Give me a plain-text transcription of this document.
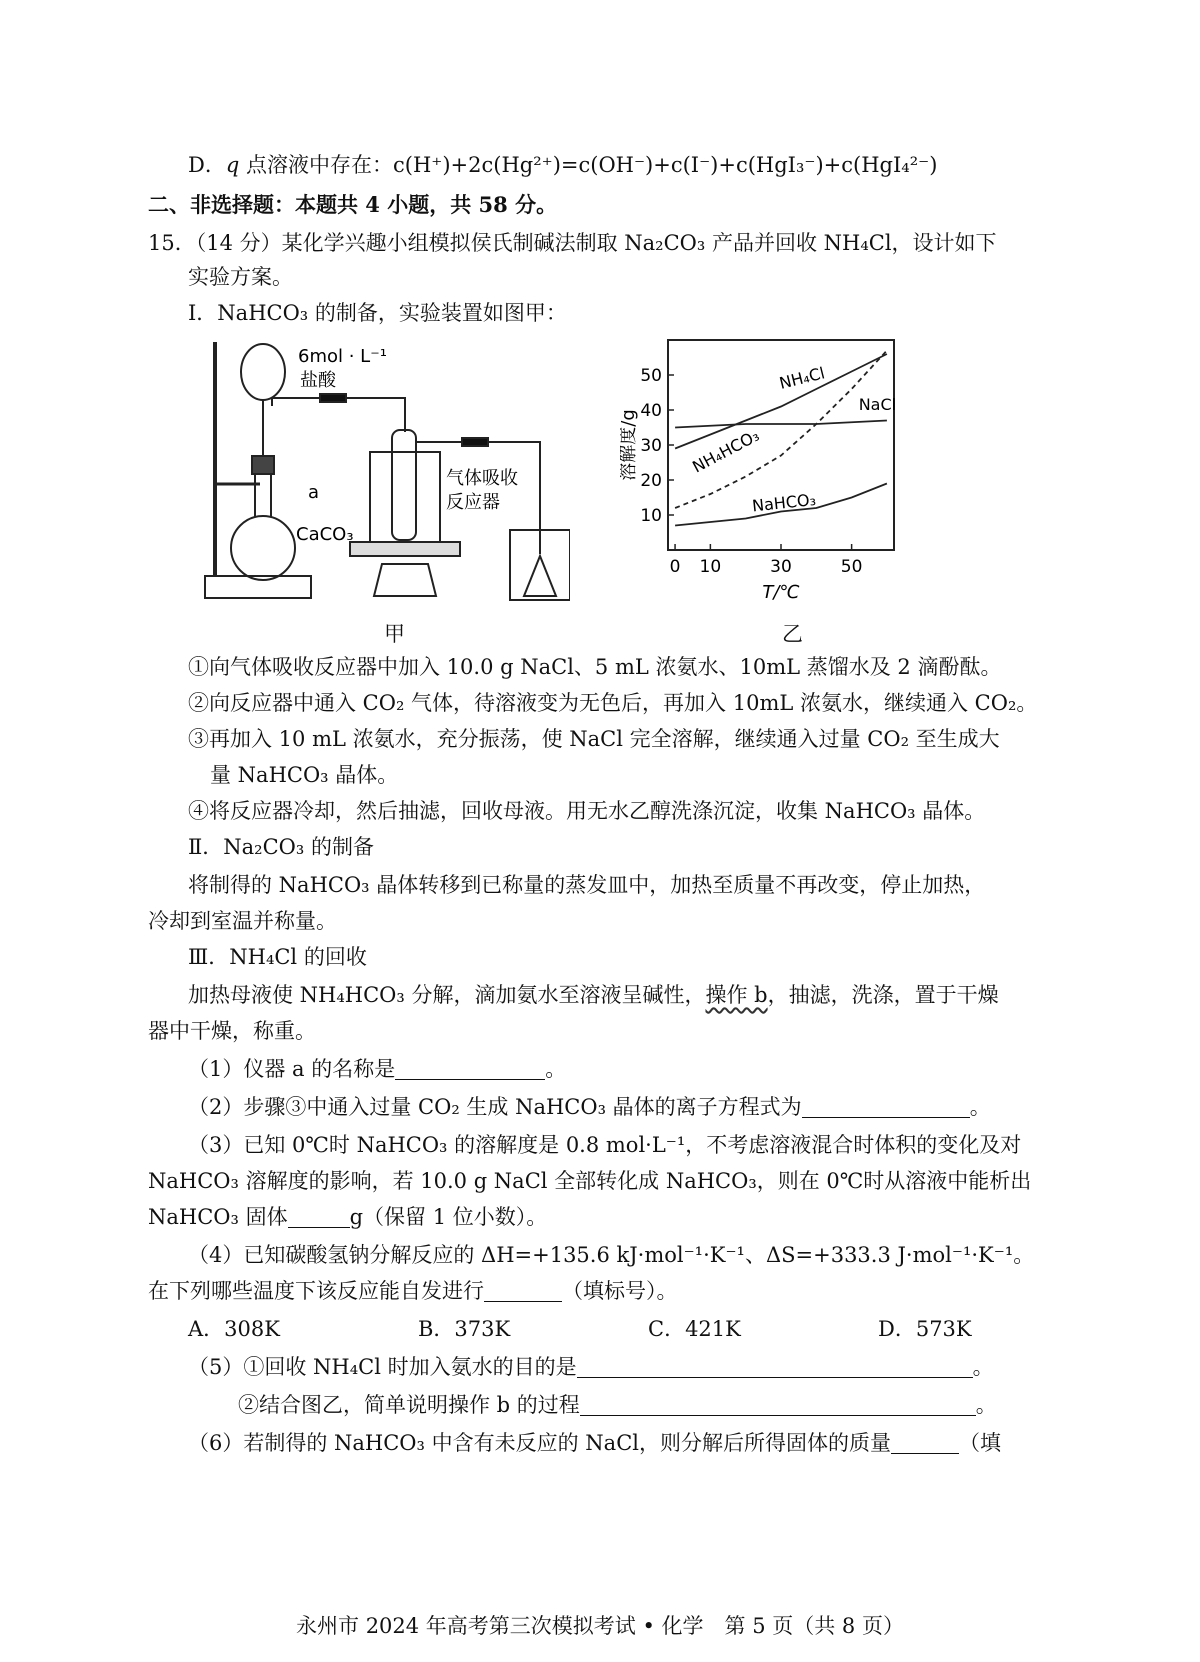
D．q 点溶液中存在：c(H⁺)+2c(Hg²⁺)=c(OH⁻)+c(I⁻)+c(HgI₃⁻)+c(HgI₄²⁻)
二、非选择题：本题共 4 小题，共 58 分。
15．（14 分）某化学兴趣小组模拟侯氏制碱法制取 Na₂CO₃ 产品并回收 NH₄Cl，设计如下
实验方案。
Ⅰ．NaHCO₃ 的制备，实验装置如图甲：
6mol · L⁻¹
盐酸
a
CaCO₃
气体吸收
反应器
甲
10
20
30
40
50
0 10	30	50
T/℃
溶解度/g
NH₄Cl
NaCl
NH₄HCO₃
NaHCO₃
乙
①向气体吸收反应器中加入 10.0 g NaCl、5 mL 浓氨水、10mL 蒸馏水及 2 滴酚酞。
②向反应器中通入 CO₂ 气体，待溶液变为无色后，再加入 10mL 浓氨水，继续通入 CO₂。
③再加入 10 mL 浓氨水，充分振荡，使 NaCl 完全溶解，继续通入过量 CO₂ 至生成大
量 NaHCO₃ 晶体。
④将反应器冷却，然后抽滤，回收母液。用无水乙醇洗涤沉淀，收集 NaHCO₃ 晶体。
Ⅱ．Na₂CO₃ 的制备
将制得的 NaHCO₃ 晶体转移到已称量的蒸发皿中，加热至质量不再改变，停止加热，
冷却到室温并称量。
Ⅲ．NH₄Cl 的回收
加热母液使 NH₄HCO₃ 分解，滴加氨水至溶液呈碱性，操作 b，抽滤，洗涤，置于干燥
器中干燥，称重。
（1）仪器 a 的名称是	。
（2）步骤③中通入过量 CO₂ 生成 NaHCO₃ 晶体的离子方程式为	。
（3）已知 0℃时 NaHCO₃ 的溶解度是 0.8 mol·L⁻¹，不考虑溶液混合时体积的变化及对
NaHCO₃ 溶解度的影响，若 10.0 g NaCl 全部转化成 NaHCO₃，则在 0℃时从溶液中能析出
NaHCO₃ 固体	g（保留 1 位小数）。
（4）已知碳酸氢钠分解反应的 ΔH=+135.6 kJ·mol⁻¹·K⁻¹、ΔS=+333.3 J·mol⁻¹·K⁻¹。
在下列哪些温度下该反应能自发进行	（填标号）。
A．308K	B．373K	C．421K	D．573K
（5）①回收 NH₄Cl 时加入氨水的目的是	。
②结合图乙，简单说明操作 b 的过程	。
（6）若制得的 NaHCO₃ 中含有未反应的 NaCl，则分解后所得固体的质量	（填
永州市 2024 年高考第三次模拟考试 • 化学　第 5 页（共 8 页）
